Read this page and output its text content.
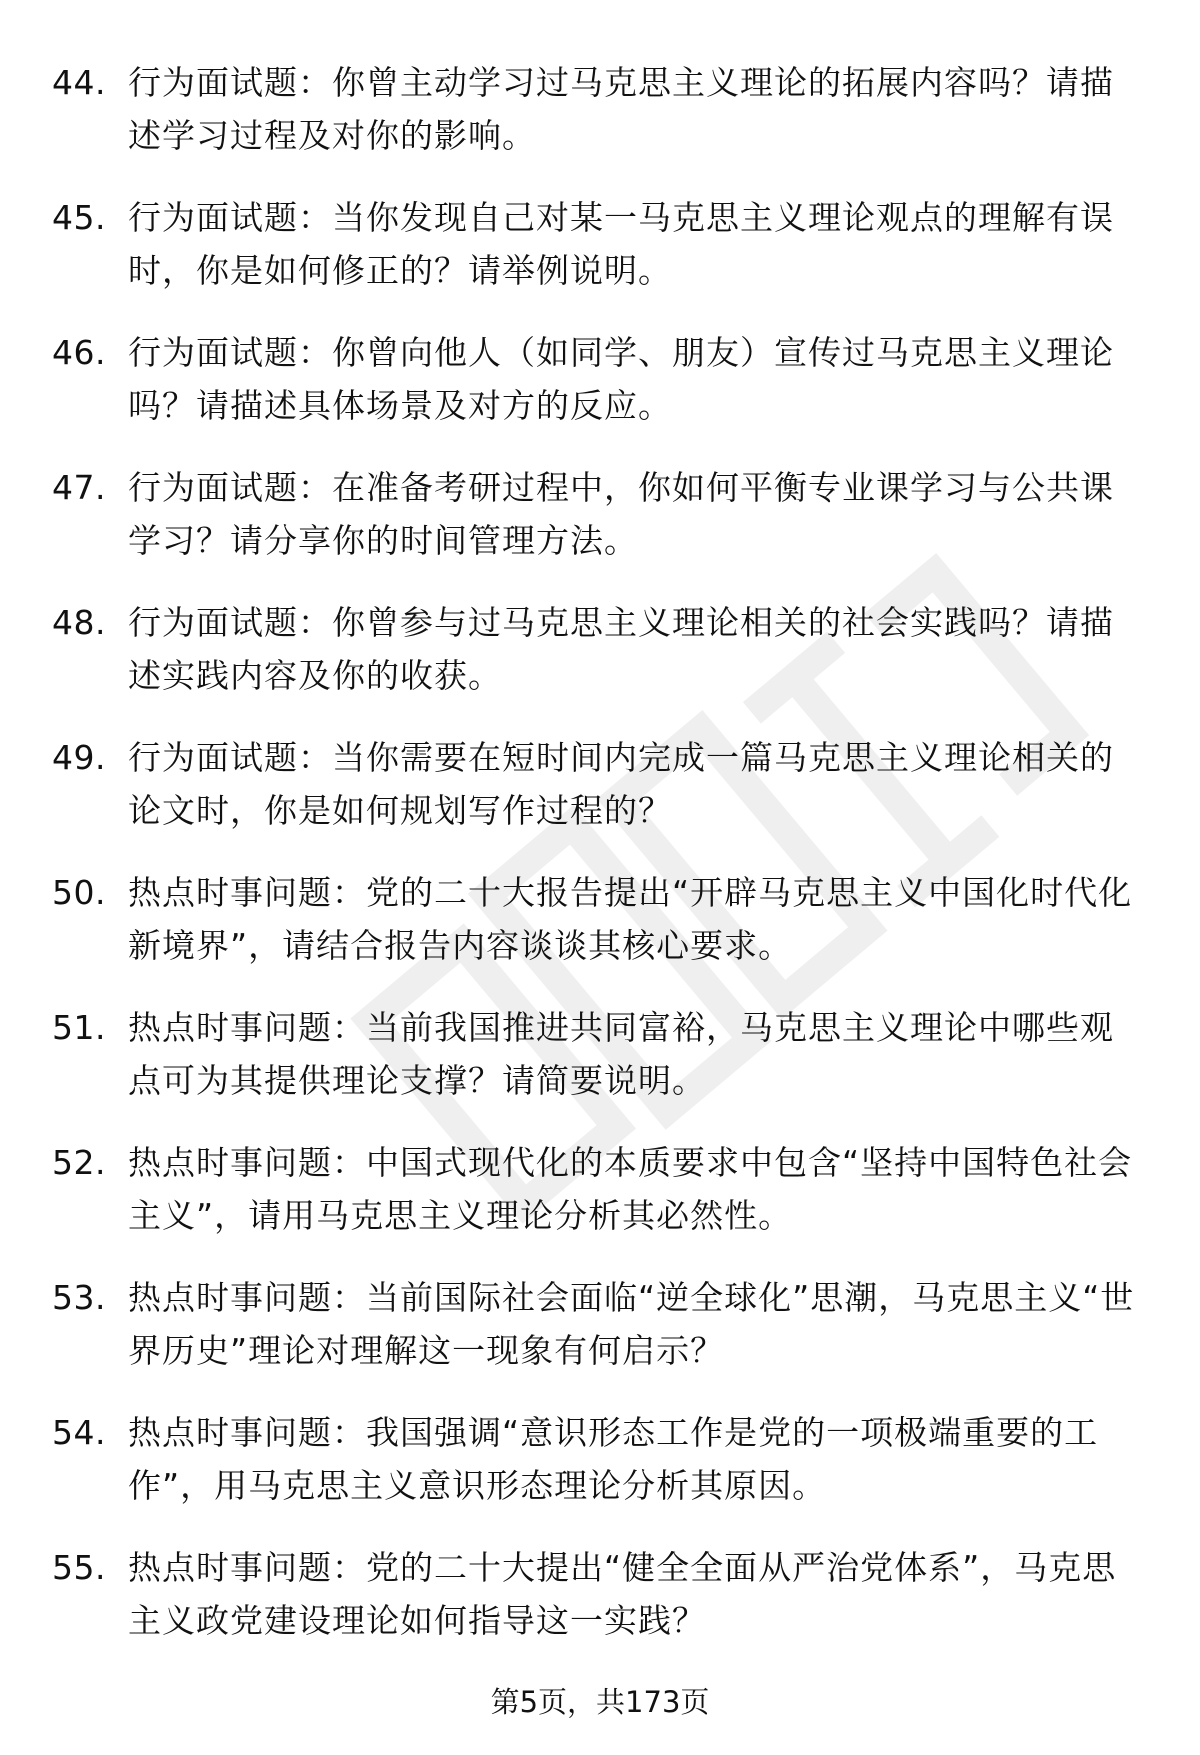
44. 行为面试题：你曾主动学习过马克思主义理论的拓展内容吗？请描述学习过程及对你的影响。
45. 行为面试题：当你发现自己对某一马克思主义理论观点的理解有误时，你是如何修正的？请举例说明。
46. 行为面试题：你曾向他人（如同学、朋友）宣传过马克思主义理论吗？请描述具体场景及对方的反应。
47. 行为面试题：在准备考研过程中，你如何平衡专业课学习与公共课学习？请分享你的时间管理方法。
48. 行为面试题：你曾参与过马克思主义理论相关的社会实践吗？请描述实践内容及你的收获。
49. 行为面试题：当你需要在短时间内完成一篇马克思主义理论相关的论文时，你是如何规划写作过程的？
50. 热点时事问题：党的二十大报告提出“开辟马克思主义中国化时代化新境界”，请结合报告内容谈谈其核心要求。
51. 热点时事问题：当前我国推进共同富裕，马克思主义理论中哪些观点可为其提供理论支撑？请简要说明。
52. 热点时事问题：中国式现代化的本质要求中包含“坚持中国特色社会主义”，请用马克思主义理论分析其必然性。
53. 热点时事问题：当前国际社会面临“逆全球化”思潮，马克思主义“世界历史”理论对理解这一现象有何启示？
54. 热点时事问题：我国强调“意识形态工作是党的一项极端重要的工作”，用马克思主义意识形态理论分析其原因。
55. 热点时事问题：党的二十大提出“健全全面从严治党体系”，马克思主义政党建设理论如何指导这一实践？
第5页，共173页
